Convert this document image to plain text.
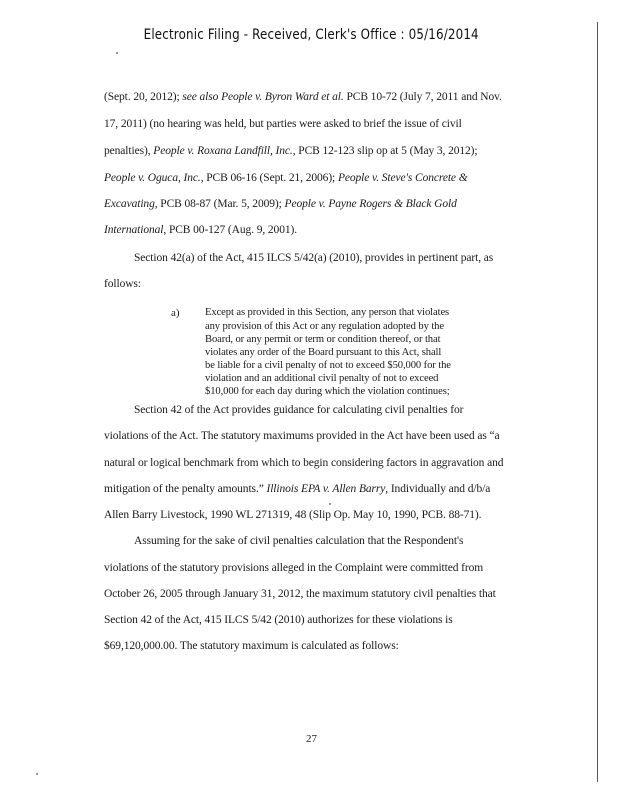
Electronic Filing - Received, Clerk's Office : 05/16/2014
(Sept. 20, 2012); see also People v. Byron Ward et al. PCB 10-72 (July 7, 2011 and Nov.
17, 2011) (no hearing was held, but parties were asked to brief the issue of civil
penalties), People v. Roxana Landfill, Inc., PCB 12-123 slip op at 5 (May 3, 2012);
People v. Oguca, Inc., PCB 06-16 (Sept. 21, 2006); People v. Steve's Concrete &
Excavating, PCB 08-87 (Mar. 5, 2009); People v. Payne Rogers & Black Gold
International, PCB 00-127 (Aug. 9, 2001).
Section 42(a) of the Act, 415 ILCS 5/42(a) (2010), provides in pertinent part, as
follows:
a) Except as provided in this Section, any person that violates
any provision of this Act or any regulation adopted by the
Board, or any permit or term or condition thereof, or that
violates any order of the Board pursuant to this Act, shall
be liable for a civil penalty of not to exceed $50,000 for the
violation and an additional civil penalty of not to exceed
$10,000 for each day during which the violation continues;
Section 42 of the Act provides guidance for calculating civil penalties for
violations of the Act. The statutory maximums provided in the Act have been used as “a
natural or logical benchmark from which to begin considering factors in aggravation and
mitigation of the penalty amounts.” Illinois EPA v. Allen Barry, Individually and d/b/a
Allen Barry Livestock, 1990 WL 271319, 48 (Slip Op. May 10, 1990, PCB. 88-71).
Assuming for the sake of civil penalties calculation that the Respondent's
violations of the statutory provisions alleged in the Complaint were committed from
October 26, 2005 through January 31, 2012, the maximum statutory civil penalties that
Section 42 of the Act, 415 ILCS 5/42 (2010) authorizes for these violations is
$69,120,000.00. The statutory maximum is calculated as follows:
27
